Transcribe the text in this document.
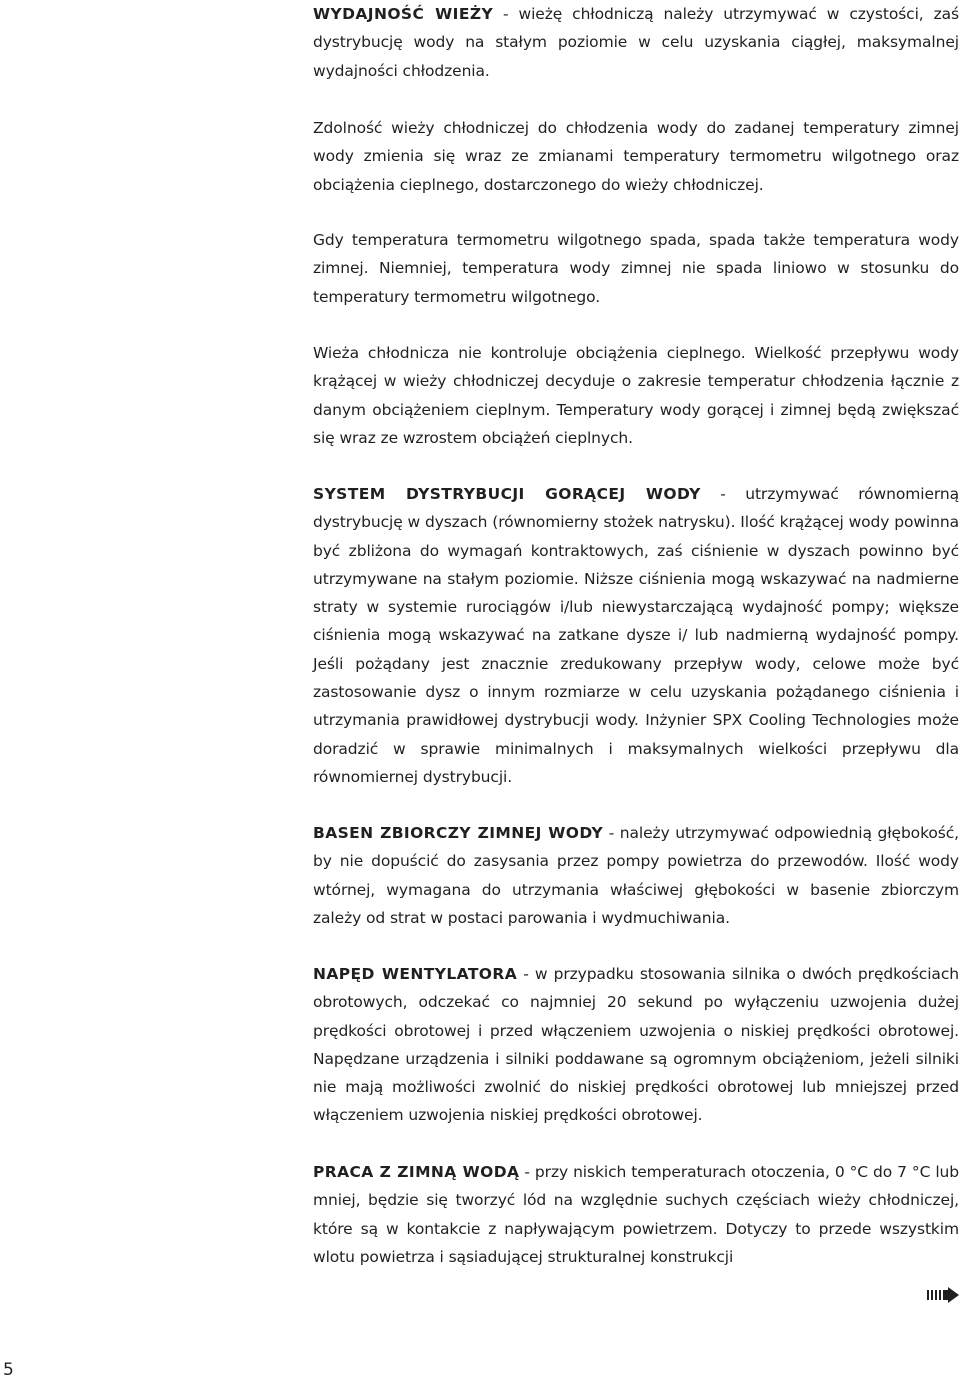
WYDAJNOŚĆ WIEŻY - wieżę chłodniczą należy utrzymywać w czystości, zaś dystrybucję wody na stałym poziomie w celu uzyskania ciągłej, maksymalnej wydajności chłodzenia.

Zdolność wieży chłodniczej do chłodzenia wody do zadanej temperatury zimnej wody zmienia się wraz ze zmianami temperatury termometru wilgotnego oraz obciążenia cieplnego, dostarczonego do wieży chłodniczej.

Gdy temperatura termometru wilgotnego spada, spada także temperatura wody zimnej. Niemniej, temperatura wody zimnej nie spada liniowo w stosunku do temperatury termometru wilgotnego.

Wieża chłodnicza nie kontroluje obciążenia cieplnego. Wielkość przepływu wody krążącej w wieży chłodniczej decyduje o zakresie temperatur chłodzenia łącznie z danym obciążeniem cieplnym. Temperatury wody gorącej i zimnej będą zwiększać się wraz ze wzrostem obciążeń cieplnych.

SYSTEM DYSTRYBUCJI GORĄCEJ WODY - utrzymywać równomierną dystrybucję w dyszach (równomierny stożek natrysku). Ilość krążącej wody powinna być zbliżona do wymagań kontraktowych, zaś ciśnienie w dyszach powinno być utrzymywane na stałym poziomie. Niższe ciśnienia mogą wskazywać na nadmierne straty w systemie rurociągów i/lub niewystarczającą wydajność pompy; większe ciśnienia mogą wskazywać na zatkane dysze i/ lub nadmierną wydajność pompy. Jeśli pożądany jest znacznie zredukowany przepływ wody, celowe może być zastosowanie dysz o innym rozmiarze w celu uzyskania pożądanego ciśnienia i utrzymania prawidłowej dystrybucji wody. Inżynier SPX Cooling Technologies może doradzić w sprawie minimalnych i maksymalnych wielkości przepływu dla równomiernej dystrybucji.

BASEN ZBIORCZY ZIMNEJ WODY - należy utrzymywać odpowiednią głębokość, by nie dopuścić do zasysania przez pompy powietrza do przewodów. Ilość wody wtórnej, wymagana do utrzymania właściwej głębokości w basenie zbiorczym zależy od strat w postaci parowania i wydmuchiwania.

NAPĘD WENTYLATORA - w przypadku stosowania silnika o dwóch prędkościach obrotowych, odczekać co najmniej 20 sekund po wyłączeniu uzwojenia dużej prędkości obrotowej i przed włączeniem uzwojenia o niskiej prędkości obrotowej. Napędzane urządzenia i silniki poddawane są ogromnym obciążeniom, jeżeli silniki nie mają możliwości zwolnić do niskiej prędkości obrotowej lub mniejszej przed włączeniem uzwojenia niskiej prędkości obrotowej.

PRACA Z ZIMNĄ WODĄ - przy niskich temperaturach otoczenia, 0 °C do 7 °C lub mniej, będzie się tworzyć lód na względnie suchych częściach wieży chłodniczej, które są w kontakcie z napływającym powietrzem. Dotyczy to przede wszystkim wlotu powietrza i sąsiadującej strukturalnej konstrukcji

5
